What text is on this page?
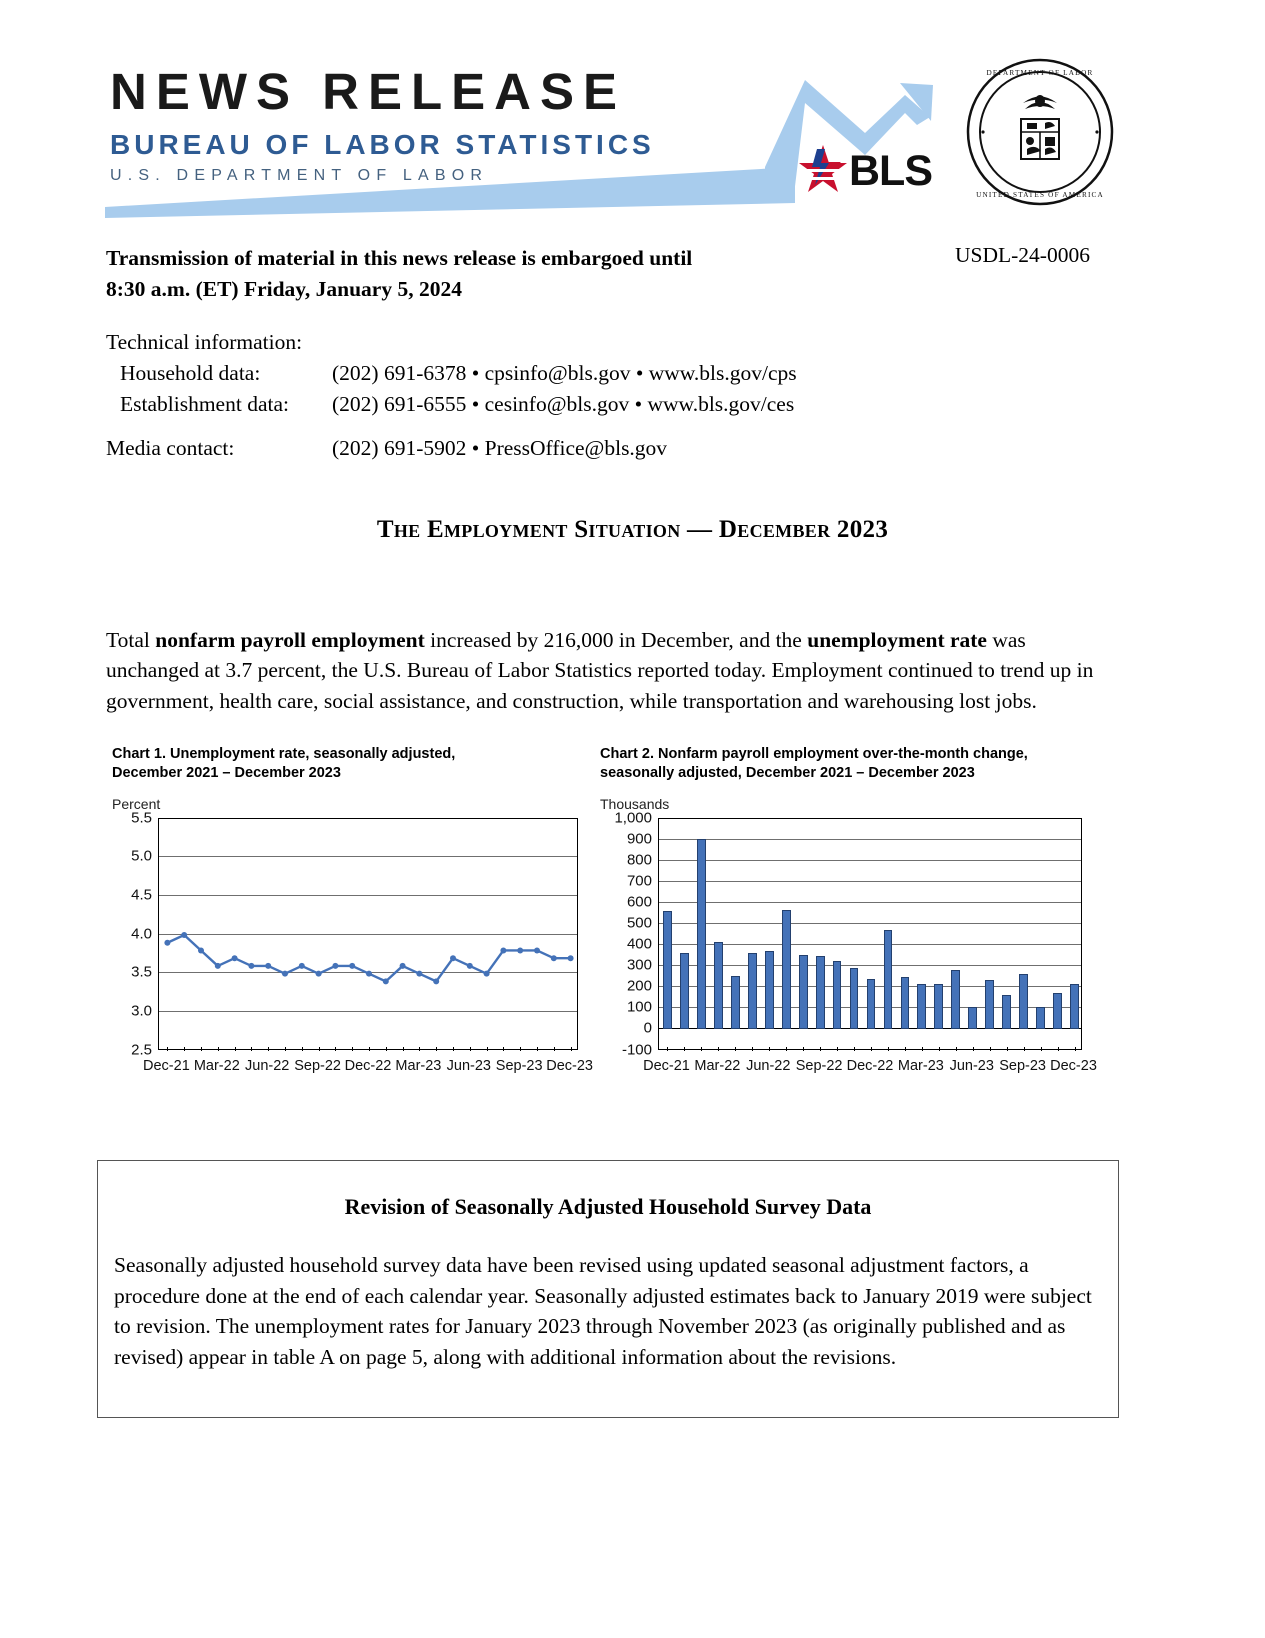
NEWS RELEASE
BUREAU OF LABOR STATISTICS
U.S. DEPARTMENT OF LABOR	BLS
DEPARTMENT OF LABOR
UNITED STATES OF AMERICA
Transmission of material in this news release is embargoed until
8:30 a.m. (ET) Friday, January 5, 2024
USDL-24-0006
Technical information:
Household data:	(202) 691-6378 • cpsinfo@bls.gov • www.bls.gov/cps
Establishment data:	(202) 691-6555 • cesinfo@bls.gov • www.bls.gov/ces
Media contact:	(202) 691-5902 • PressOffice@bls.gov
The Employment Situation — December 2023

Total nonfarm payroll employment increased by 216,000 in December, and the unemployment rate was unchanged at 3.7 percent, the U.S. Bureau of Labor Statistics reported today. Employment continued to trend up in government, health care, social assistance, and construction, while transportation and warehousing lost jobs.

Chart 1. Unemployment rate, seasonally adjusted,
December 2021 – December 2023
Percent
5.5
5.0
4.5
4.0
3.5
3.0
2.5
Dec-21 Mar-22 Jun-22 Sep-22 Dec-22 Mar-23 Jun-23 Sep-23 Dec-23
Chart 2. Nonfarm payroll employment over-the-month change,
seasonally adjusted, December 2021 – December 2023
Thousands
1,000
900
800
700
600
500
400
300
200
100
0
-100
Dec-21 Mar-22 Jun-22 Sep-22 Dec-22 Mar-23 Jun-23 Sep-23 Dec-23
Revision of Seasonally Adjusted Household Survey Data
Seasonally adjusted household survey data have been revised using updated seasonal adjustment factors, a procedure done at the end of each calendar year. Seasonally adjusted estimates back to January 2019 were subject to revision. The unemployment rates for January 2023 through November 2023 (as originally published and as revised) appear in table A on page 5, along with additional information about the revisions.
